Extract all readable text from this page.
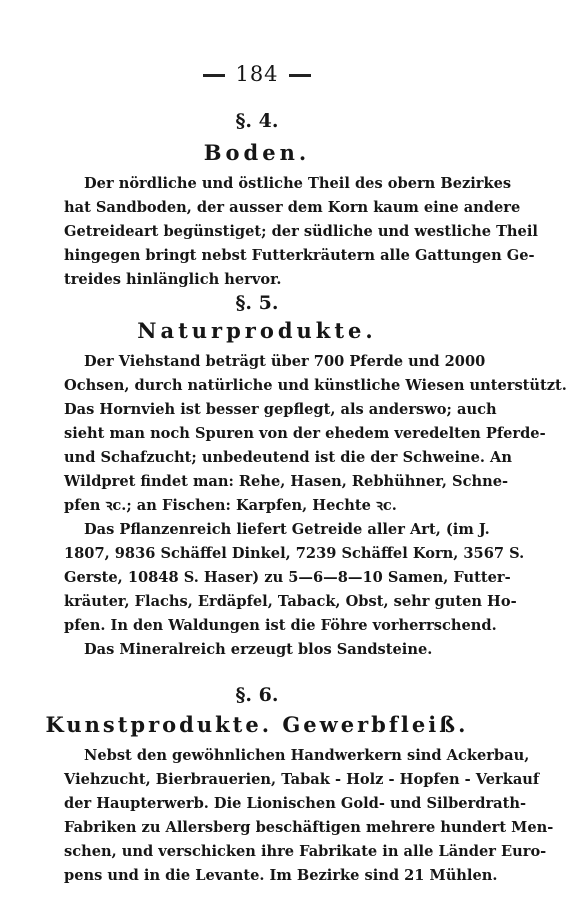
184
§. 4.
Boden.

Der nördliche und östliche Theil des obern Bezirkes
hat Sandboden, der ausser dem Korn kaum eine andere
Getreideart begünstiget; der südliche und westliche Theil
hingegen bringt nebst Futterkräutern alle Gattungen Ge-
treides hinlänglich hervor.

§. 5.
Naturprodukte.

Der Viehstand beträgt über 700 Pferde und 2000
Ochsen, durch natürliche und künstliche Wiesen unterstützt.
Das Hornvieh ist besser gepflegt, als anderswo; auch
sieht man noch Spuren von der ehedem veredelten Pferde-
und Schafzucht; unbedeutend ist die der Schweine. An
Wildpret findet man: Rehe, Hasen, Rebhühner, Schne-
pfen ꝛc.; an Fischen: Karpfen, Hechte ꝛc.

Das Pflanzenreich liefert Getreide aller Art, (im J.
1807, 9836 Schäffel Dinkel, 7239 Schäffel Korn, 3567 S.
Gerste, 10848 S. Haser) zu 5—6—8—10 Samen, Futter-
kräuter, Flachs, Erdäpfel, Taback, Obst, sehr guten Ho-
pfen. In den Waldungen ist die Föhre vorherrschend.

Das Mineralreich erzeugt blos Sandsteine.

§. 6.
Kunstprodukte. Gewerbfleiß.

Nebst den gewöhnlichen Handwerkern sind Ackerbau,
Viehzucht, Bierbrauerien, Tabak - Holz - Hopfen - Verkauf
der Haupterwerb. Die Lionischen Gold- und Silberdrath-
Fabriken zu Allersberg beschäftigen mehrere hundert Men-
schen, und verschicken ihre Fabrikate in alle Länder Euro-
pens und in die Levante. Im Bezirke sind 21 Mühlen.
